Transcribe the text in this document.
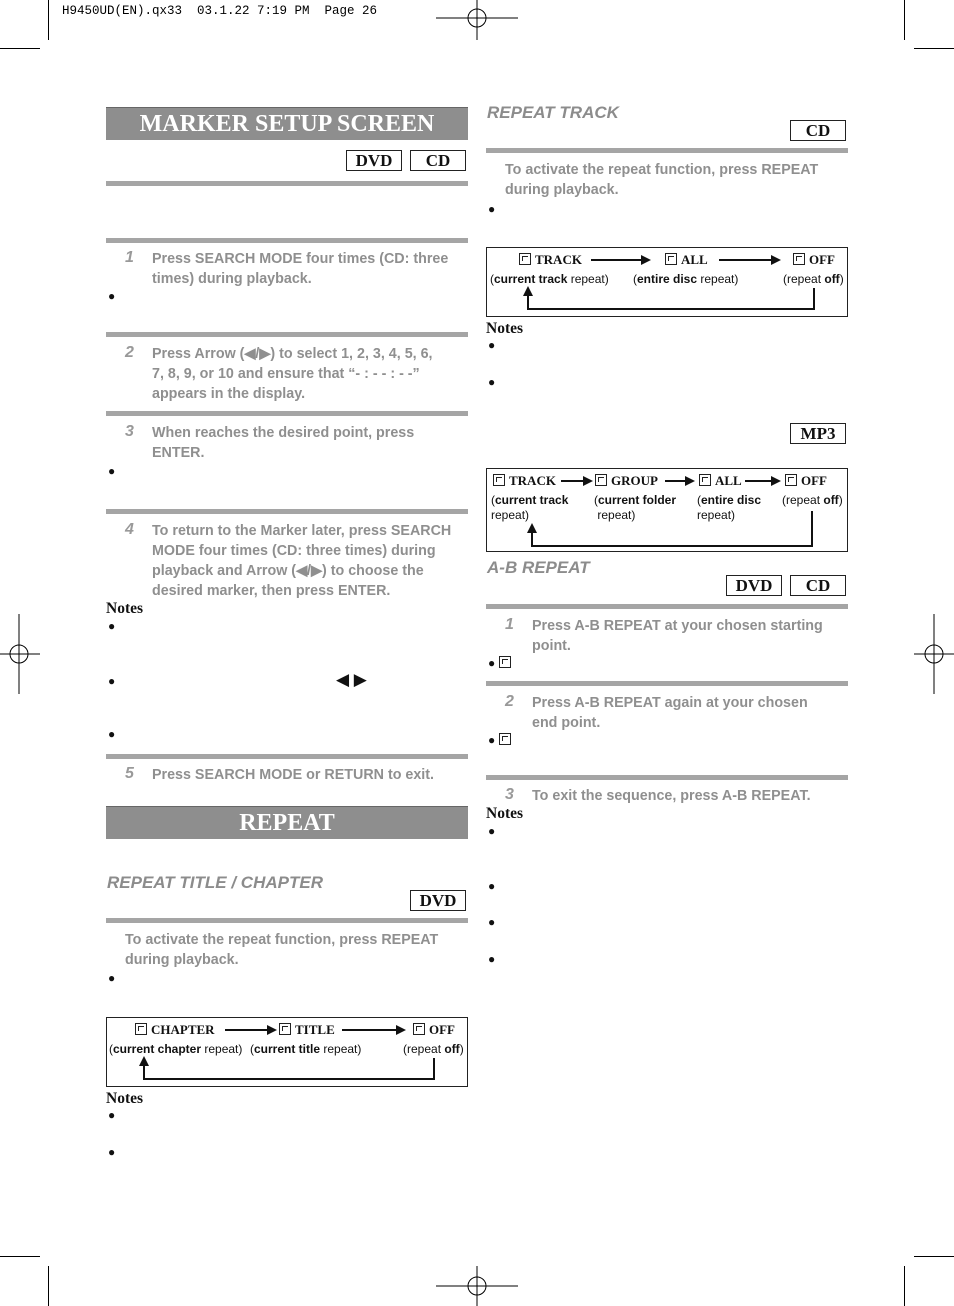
H9450UD(EN).qx33  03.1.22 7:19 PM  Page 26
MARKER SETUP SCREEN
DVD	CD
1 Press SEARCH MODE four times (CD: three
times) during playback.
●
2 Press Arrow (◀/▶) to select 1, 2, 3, 4, 5, 6,
7, 8, 9, or 10 and ensure that “- : - - : - -”
appears in the display.
3 When reaches the desired point, press
ENTER.
●
4 To return to the Marker later, press SEARCH
MODE four times (CD: three times) during
playback and Arrow (◀/▶) to choose the
desired marker, then press ENTER.
Notes
●
●	◀ ▶
●
5 Press SEARCH MODE or RETURN to exit.
REPEAT
REPEAT TITLE / CHAPTER
DVD
To activate the repeat function, press REPEAT
during playback.
●
CHAPTER	TITLE	OFF
(current chapter repeat) (current title repeat)	(repeat off)
Notes
●
●
REPEAT TRACK
CD
To activate the repeat function, press REPEAT
during playback.
●
TRACK	ALL	OFF
(current track repeat) (entire disc repeat)	(repeat off)
Notes
●
●
MP3
TRACK	GROUP	ALL	OFF
(current track
repeat)
(current folder
repeat)
(entire disc
repeat)
(repeat off)
A-B REPEAT
DVD	CD
1 Press A-B REPEAT at your chosen starting
point.
●
2 Press A-B REPEAT again at your chosen
end point.
●
3 To exit the sequence, press A-B REPEAT.
Notes
●
●
●
●
